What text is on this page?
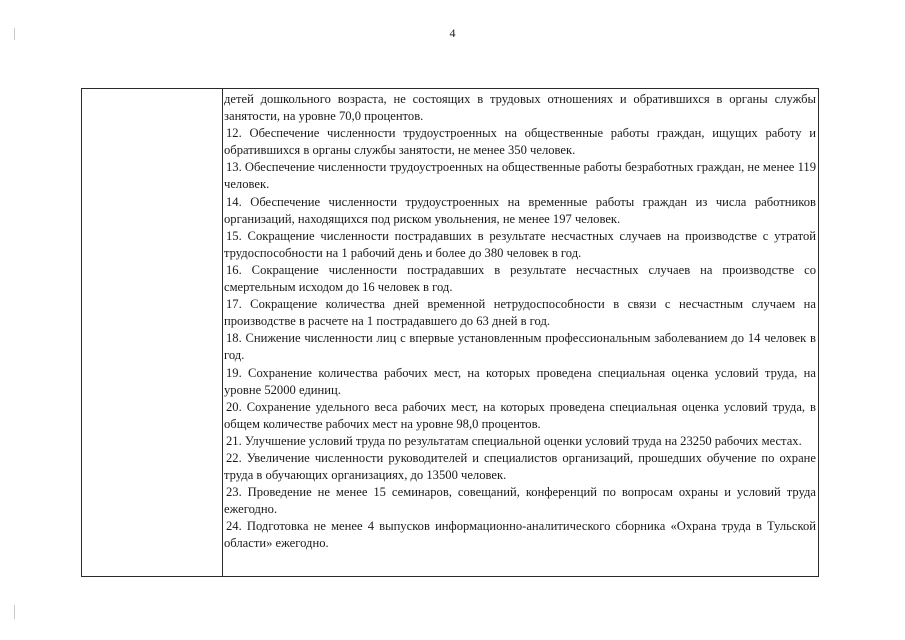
4

детей дошкольного возраста, не состоящих в трудовых отношениях и обратившихся в органы службы занятости, на уровне 70,0 процентов.

12. Обеспечение численности трудоустроенных на общественные работы граждан, ищущих работу и обратившихся в органы службы занятости, не менее 350 человек.

13. Обеспечение численности трудоустроенных на общественные работы безработных граждан, не менее 119 человек.

14. Обеспечение численности трудоустроенных на временные работы граждан из числа работников организаций, находящихся под риском увольнения, не менее 197 человек.

15. Сокращение численности пострадавших в результате несчастных случаев на производстве с утратой трудоспособности на 1 рабочий день и более до 380 человек в год.

16. Сокращение численности пострадавших в результате несчастных случаев на производстве со смертельным исходом до 16 человек в год.

17. Сокращение количества дней временной нетрудоспособности в связи с несчастным случаем на производстве в расчете на 1 пострадавшего до 63 дней в год.

18. Снижение численности лиц с впервые установленным профессиональным заболеванием до 14 человек в год.

19. Сохранение количества рабочих мест, на которых проведена специальная оценка условий труда, на уровне 52000 единиц.

20. Сохранение удельного веса рабочих мест, на которых проведена специальная оценка условий труда, в общем количестве рабочих мест на уровне 98,0 процентов.

21. Улучшение условий труда по результатам специальной оценки условий труда на 23250 рабочих местах.

22. Увеличение численности руководителей и специалистов организаций, прошедших обучение по охране труда в обучающих организациях, до 13500 человек.

23. Проведение не менее 15 семинаров, совещаний, конференций по вопросам охраны и условий труда ежегодно.

24. Подготовка не менее 4 выпусков информационно-аналитического сборника «Охрана труда в Тульской области» ежегодно.
